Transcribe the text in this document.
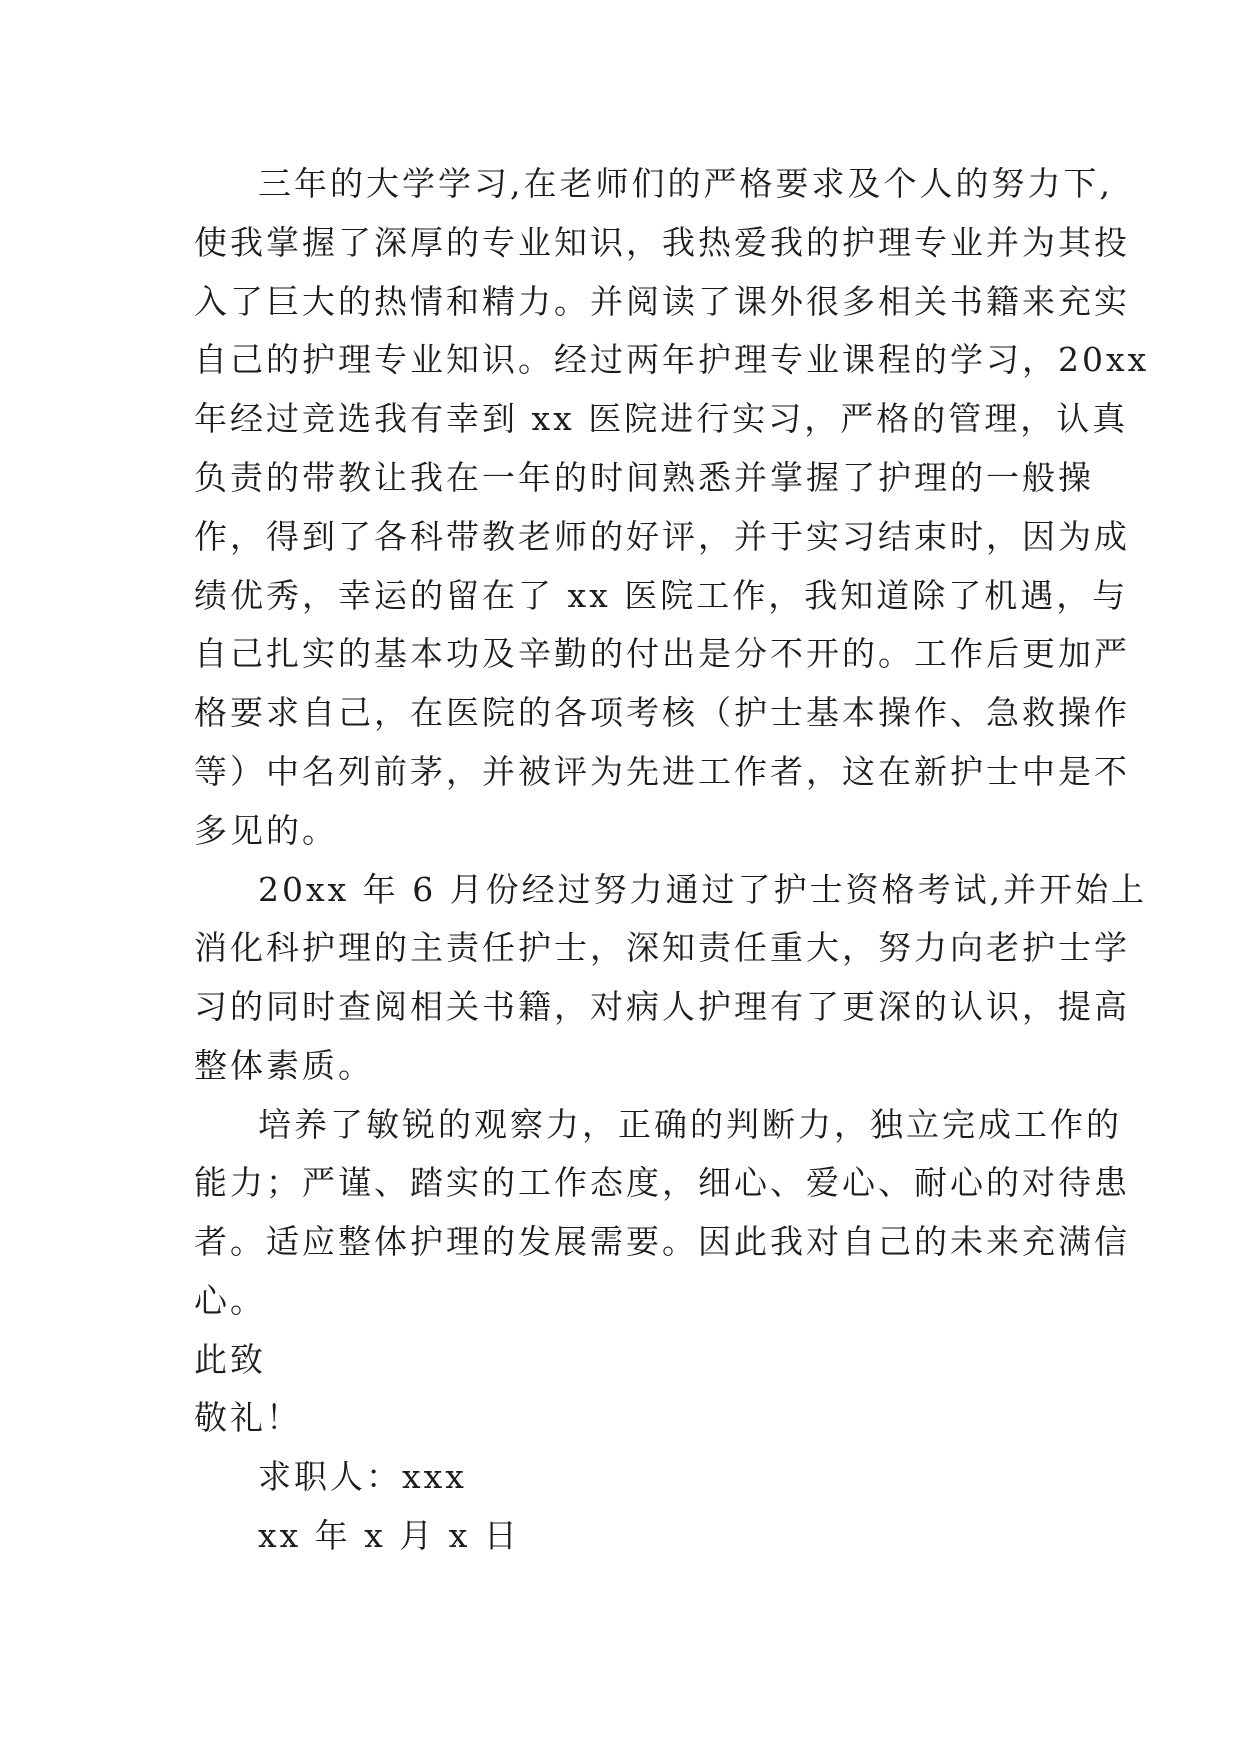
三年的大学学习,在老师们的严格要求及个人的努力下,

使我掌握了深厚的专业知识，我热爱我的护理专业并为其投

入了巨大的热情和精力。并阅读了课外很多相关书籍来充实

自己的护理专业知识。经过两年护理专业课程的学习，20xx

年经过竞选我有幸到 xx 医院进行实习，严格的管理，认真

负责的带教让我在一年的时间熟悉并掌握了护理的一般操

作，得到了各科带教老师的好评，并于实习结束时，因为成

绩优秀，幸运的留在了 xx 医院工作，我知道除了机遇，与

自己扎实的基本功及辛勤的付出是分不开的。工作后更加严

格要求自己，在医院的各项考核（护士基本操作、急救操作

等）中名列前茅，并被评为先进工作者，这在新护士中是不

多见的。

20xx 年 6 月份经过努力通过了护士资格考试,并开始上

消化科护理的主责任护士，深知责任重大，努力向老护士学

习的同时查阅相关书籍，对病人护理有了更深的认识，提高

整体素质。

培养了敏锐的观察力，正确的判断力，独立完成工作的

能力；严谨、踏实的工作态度，细心、爱心、耐心的对待患

者。适应整体护理的发展需要。因此我对自己的未来充满信

心。

此致

敬礼！

求职人：xxx

xx 年 x 月 x 日
